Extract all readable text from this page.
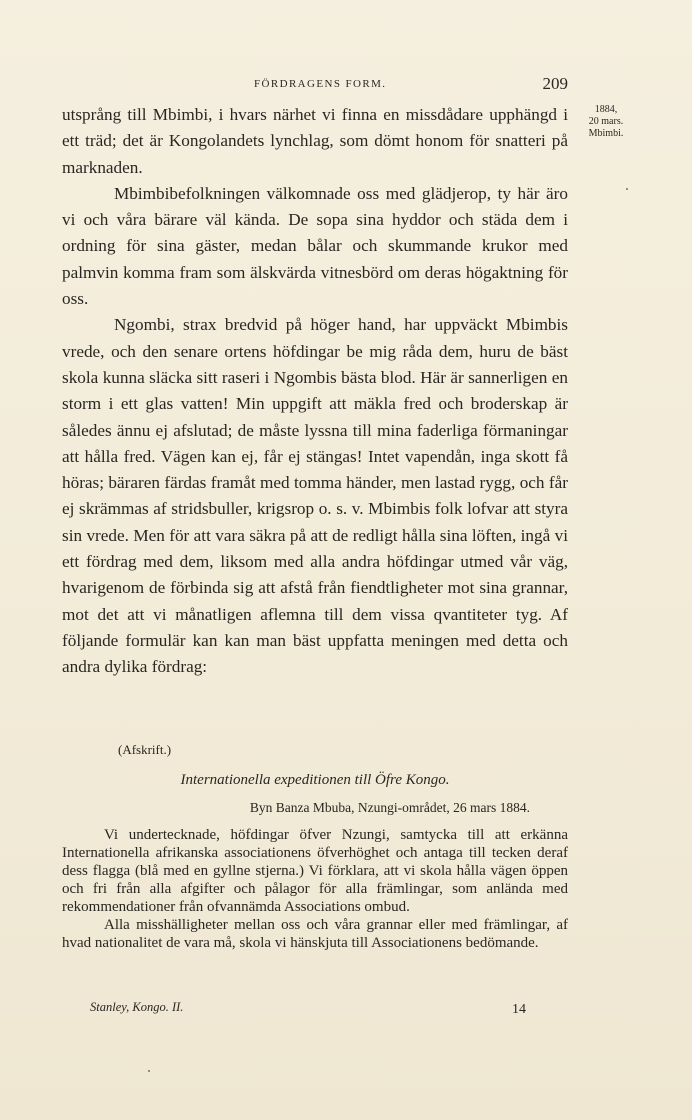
FÖRDRAGENS FORM.	209
1884,
20 mars.
Mbimbi.

utsprång till Mbimbi, i hvars närhet vi finna en missdådare upphängd i ett träd; det är Kongolandets lynchlag, som dömt honom för snatteri på marknaden.

Mbimbibefolkningen välkomnade oss med glädjerop, ty här äro vi och våra bärare väl kända. De sopa sina hyddor och städa dem i ordning för sina gäster, medan bålar och skummande krukor med palmvin komma fram som älskvärda vitnesbörd om deras högaktning för oss.

Ngombi, strax bredvid på höger hand, har uppväckt Mbimbis vrede, och den senare ortens höfdingar be mig råda dem, huru de bäst skola kunna släcka sitt raseri i Ngombis bästa blod. Här är sannerligen en storm i ett glas vatten! Min uppgift att mäkla fred och broderskap är således ännu ej afslutad; de måste lyssna till mina faderliga förmaningar att hålla fred. Vägen kan ej, får ej stängas! Intet vapendån, inga skott få höras; bäraren färdas framåt med tomma händer, men lastad rygg, och får ej skrämmas af stridsbuller, krigsrop o. s. v. Mbimbis folk lofvar att styra sin vrede. Men för att vara säkra på att de redligt hålla sina löften, ingå vi ett fördrag med dem, liksom med alla andra höfdingar utmed vår väg, hvarigenom de förbinda sig att afstå från fiendtligheter mot sina grannar, mot det att vi månatligen aflemna till dem vissa qvantiteter tyg. Af följande formulär kan kan man bäst uppfatta meningen med detta och andra dylika fördrag:

(Afskrift.)
Internationella expeditionen till Öfre Kongo.
Byn Banza Mbuba, Nzungi-området, 26 mars 1884.

Vi undertecknade, höfdingar öfver Nzungi, samtycka till att erkänna Internationella afrikanska associationens öfverhöghet och antaga till tecken deraf dess flagga (blå med en gyllne stjerna.) Vi förklara, att vi skola hålla vägen öppen och fri från alla afgifter och pålagor för alla främlingar, som anlända med rekommendationer från ofvannämda Associations ombud.

Alla misshälligheter mellan oss och våra grannar eller med främlingar, af hvad nationalitet de vara må, skola vi hänskjuta till Associationens bedömande.

Stanley, Kongo. II.	14
